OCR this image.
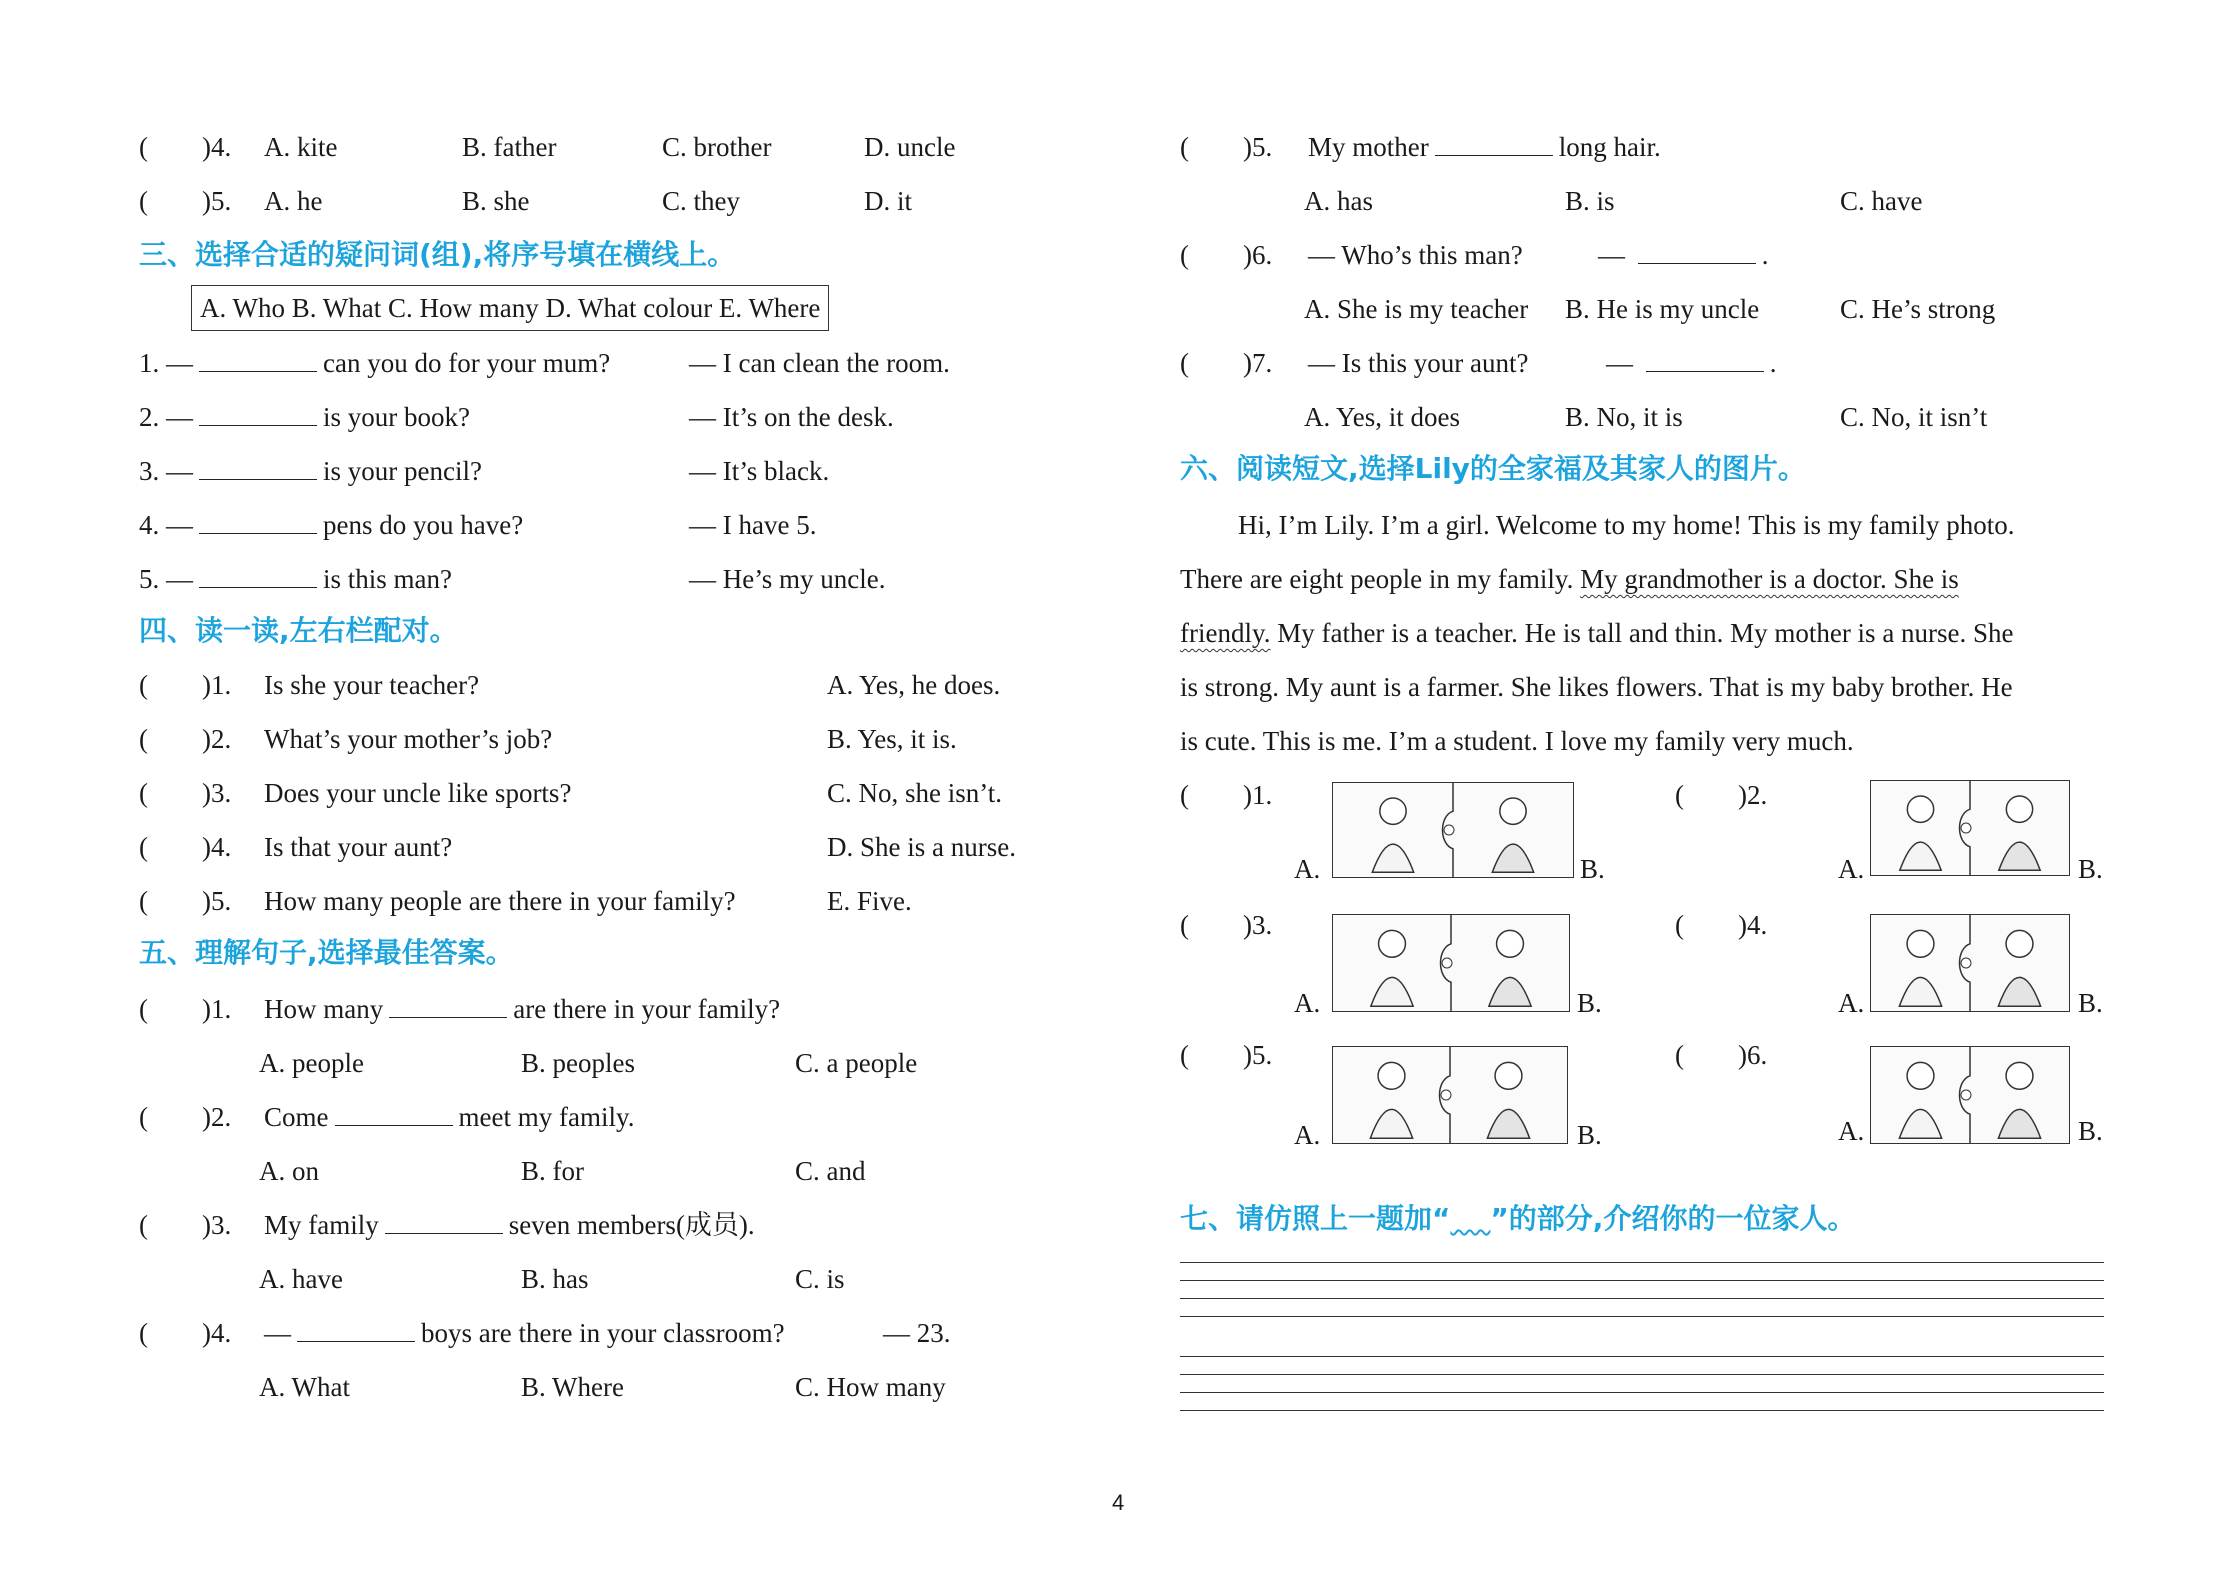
(　　)4. A. kite	B. father	C. brother	D. uncle
(　　)5. A. he	B. she	C. they	D. it
三、选择合适的疑问词(组),将序号填在横线上。
A. Who B. What C. How many D. What colour E. Where
1. —	can you do for your mum?	— I can clean the room.
2. —	is your book?	— It’s on the desk.
3. —	is your pencil?	— It’s black.
4. —	pens do you have?	— I have 5.
5. —	is this man?	— He’s my uncle.
四、读一读,左右栏配对。
(　　)1. Is she your teacher?	A. Yes, he does.
(　　)2. What’s your mother’s job?	B. Yes, it is.
(　　)3. Does your uncle like sports?	C. No, she isn’t.
(　　)4. Is that your aunt?	D. She is a nurse.
(　　)5. How many people are there in your family?	E. Five.
五、理解句子,选择最佳答案。
(　　)1. How many	are there in your family?
A. people	B. peoples	C. a people
(　　)2. Come	meet my family.
A. on	B. for	C. and
(　　)3. My family	seven members(成员).
A. have	B. has	C. is
(　　)4. —	boys are there in your classroom?	— 23.
A. What	B. Where	C. How many
(　　)5. My mother	long hair.
A. has	B. is	C. have
(　　)6. — Who’s this man?	—	.
A. She is my teacher B. He is my uncle	C. He’s strong
(　　)7. — Is this your aunt?	—	.
A. Yes, it does	B. No, it is	C. No, it isn’t
六、阅读短文,选择Lily的全家福及其家人的图片。
Hi, I’m Lily. I’m a girl. Welcome to my home! This is my family photo.
There are eight people in my family. My grandmother is a doctor. She is
friendly. My father is a teacher. He is tall and thin. My mother is a nurse. She
is strong. My aunt is a farmer. She likes flowers. That is my baby brother. He
is cute. This is me. I’m a student. I love my family very much.
(　　)1.
A.	B.
(　　)2.
A.	B.
(　　)3.
A.	B.
(　　)4.
A.	B.
(　　)5.
A.	B.
(　　)6.
A.	B.
七、请仿照上一题加“ ”的部分,介绍你的一位家人。
4
